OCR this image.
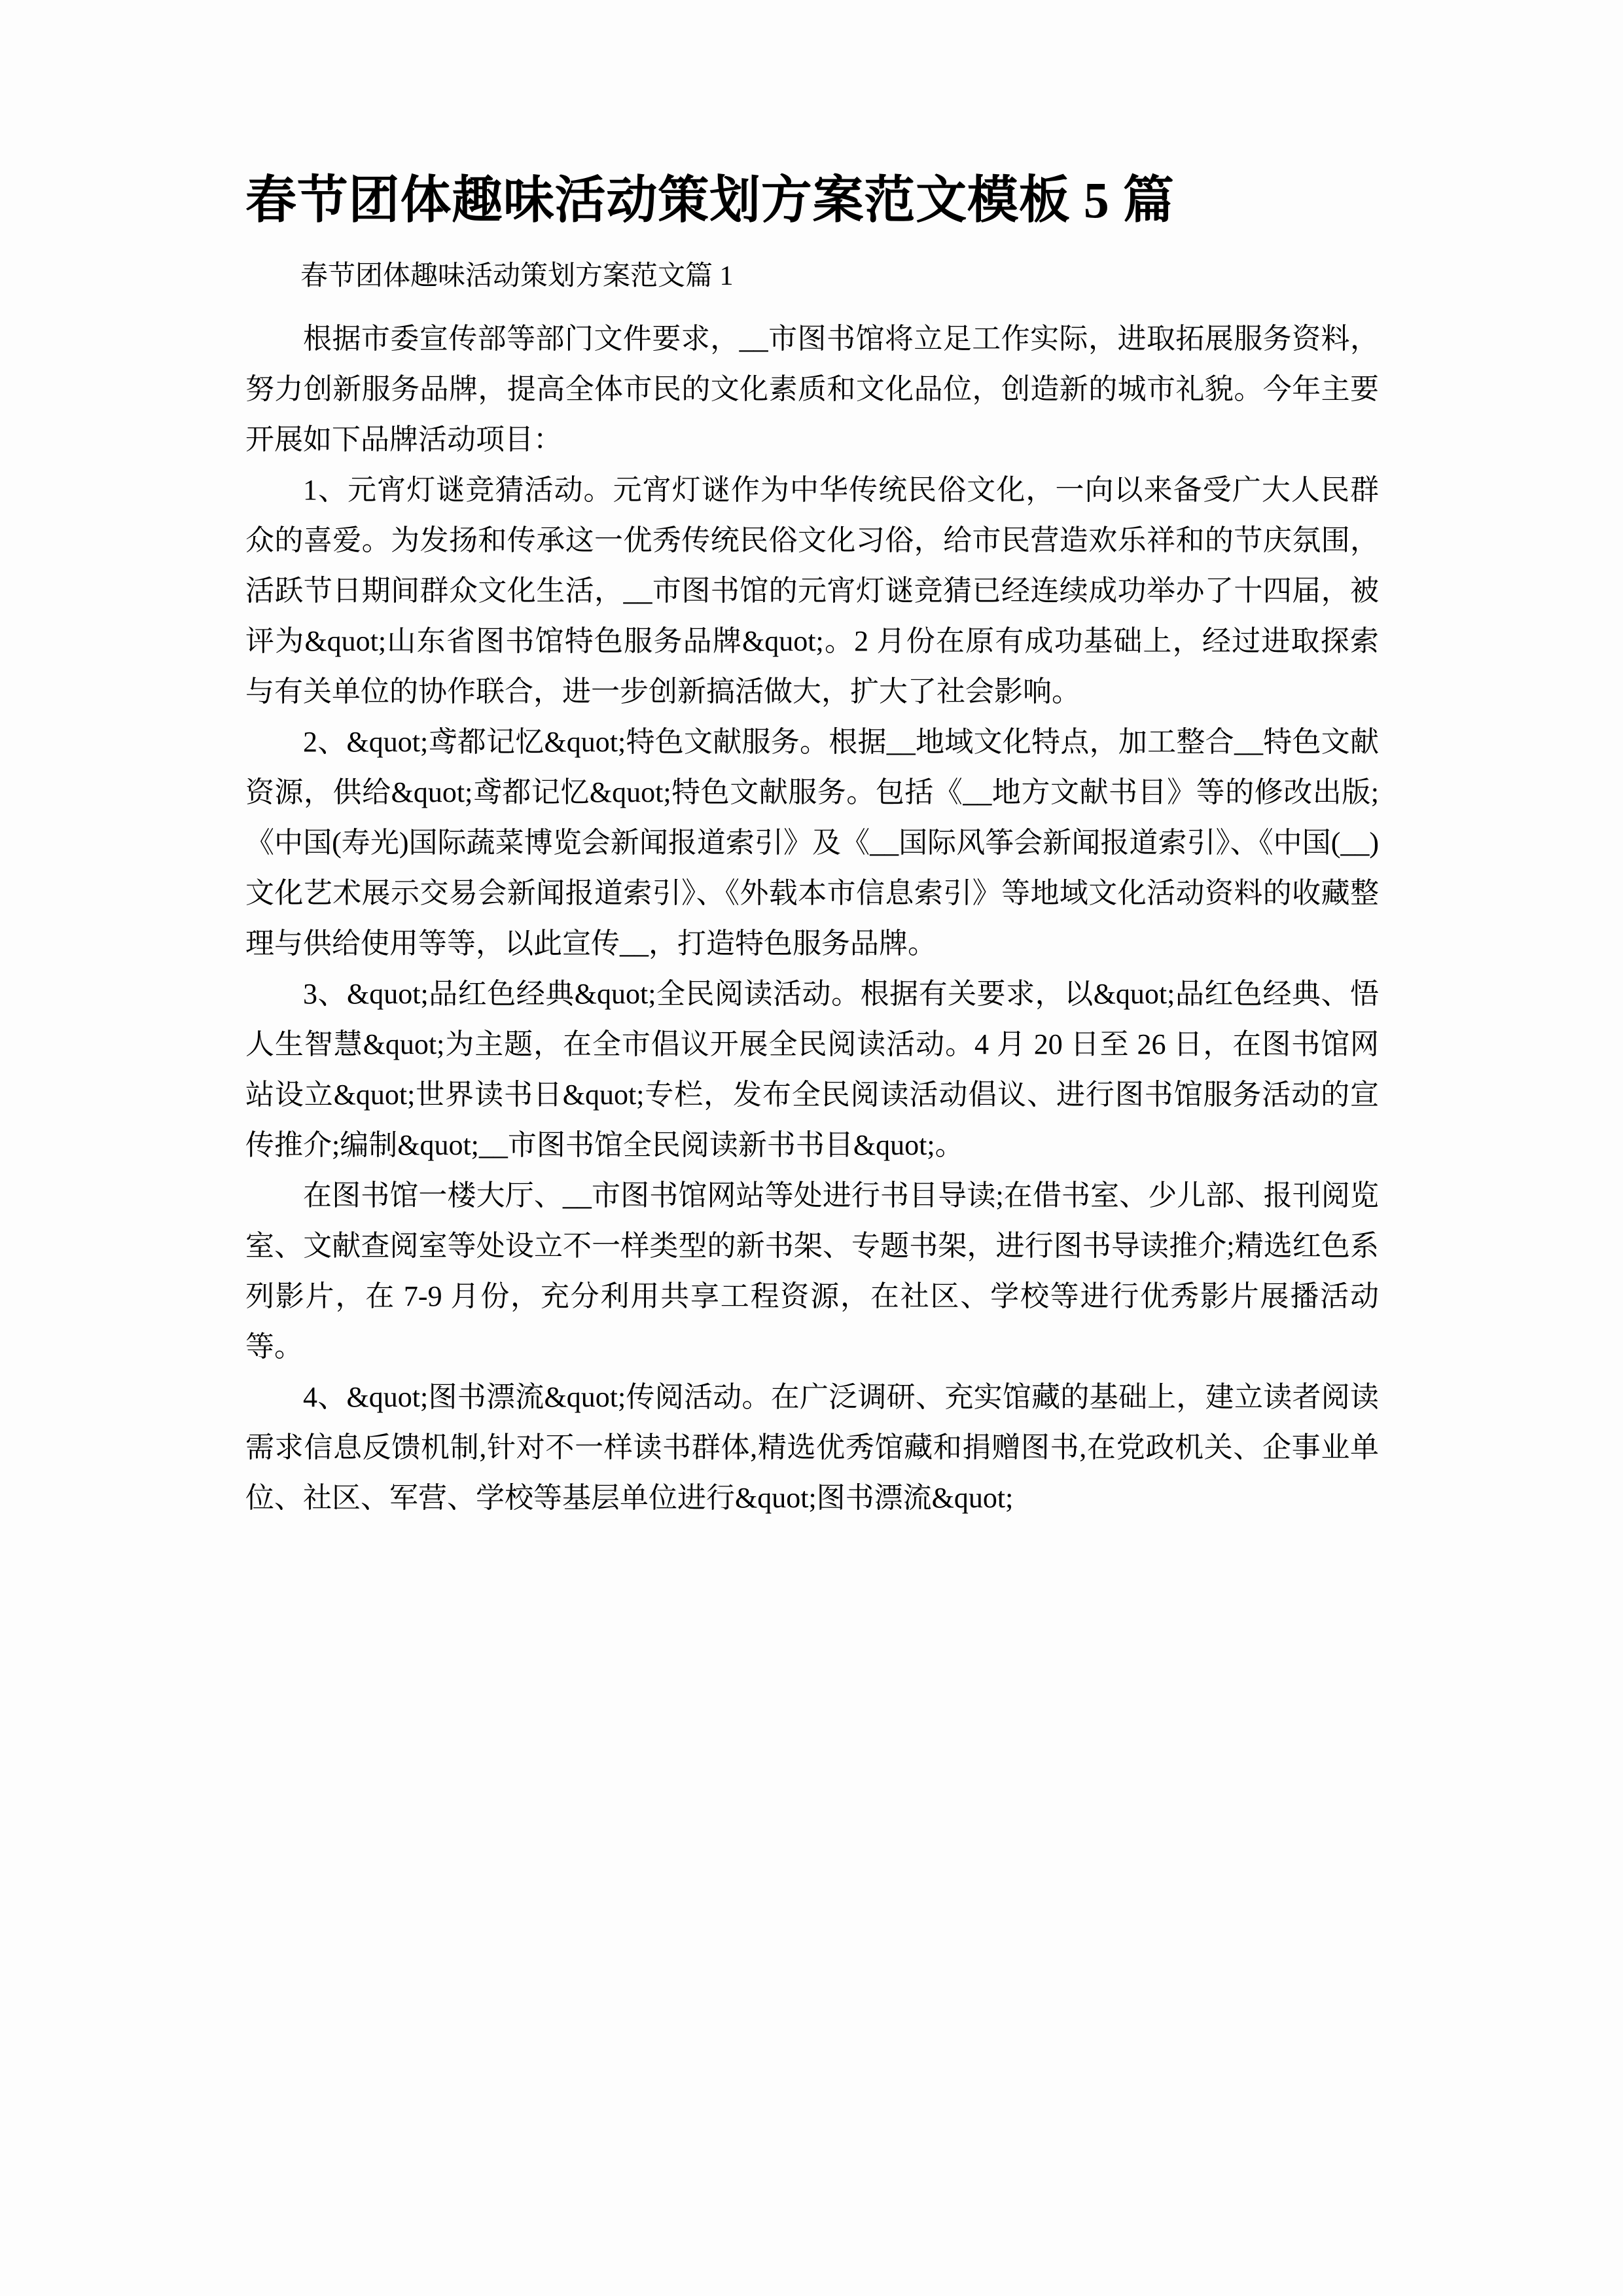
春节团体趣味活动策划方案范文模板 5 篇
春节团体趣味活动策划方案范文篇 1

根据市委宣传部等部门文件要求，__市图书馆将立足工作实际，进取拓展服务资料，努力创新服务品牌，提高全体市民的文化素质和文化品位，创造新的城市礼貌。今年主要开展如下品牌活动项目：

1、元宵灯谜竞猜活动。元宵灯谜作为中华传统民俗文化，一向以来备受广大人民群众的喜爱。为发扬和传承这一优秀传统民俗文化习俗，给市民营造欢乐祥和的节庆氛围，活跃节日期间群众文化生活，__市图书馆的元宵灯谜竞猜已经连续成功举办了十四届，被评为&quot;山东省图书馆特色服务品牌&quot;。2 月份在原有成功基础上，经过进取探索与有关单位的协作联合，进一步创新搞活做大，扩大了社会影响。

2、&quot;鸢都记忆&quot;特色文献服务。根据__地域文化特点，加工整合__特色文献资源，供给&quot;鸢都记忆&quot;特色文献服务。包括《__地方文献书目》等的修改出版;《中国(寿光)国际蔬菜博览会新闻报道索引》及《__国际风筝会新闻报道索引》、《中国(__)文化艺术展示交易会新闻报道索引》、《外载本市信息索引》等地域文化活动资料的收藏整理与供给使用等等，以此宣传__，打造特色服务品牌。

3、&quot;品红色经典&quot;全民阅读活动。根据有关要求，以&quot;品红色经典、悟人生智慧&quot;为主题，在全市倡议开展全民阅读活动。4 月 20 日至 26 日，在图书馆网站设立&quot;世界读书日&quot;专栏，发布全民阅读活动倡议、进行图书馆服务活动的宣传推介;编制&quot;__市图书馆全民阅读新书书目&quot;。

在图书馆一楼大厅、__市图书馆网站等处进行书目导读;在借书室、少儿部、报刊阅览室、文献查阅室等处设立不一样类型的新书架、专题书架，进行图书导读推介;精选红色系列影片，在 7-9 月份，充分利用共享工程资源，在社区、学校等进行优秀影片展播活动等。

4、&quot;图书漂流&quot;传阅活动。在广泛调研、充实馆藏的基础上，建立读者阅读需求信息反馈机制,针对不一样读书群体,精选优秀馆藏和捐赠图书,在党政机关、企事业单位、社区、军营、学校等基层单位进行&quot;图书漂流&quot;
